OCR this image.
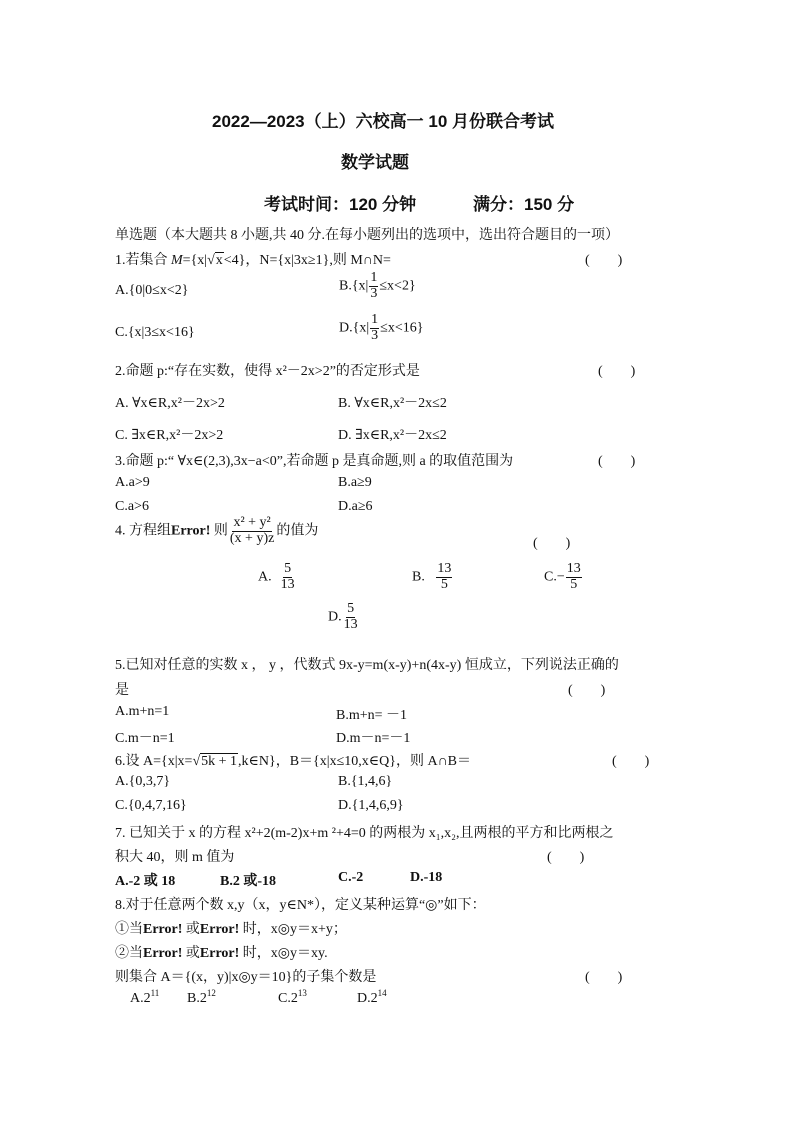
2022—2023（上）六校高一 10 月份联合考试
数学试题
考试时间：120 分钟	满分：150 分
单选题（本大题共 8 小题,共 40 分.在每小题列出的选项中，选出符合题目的一项）
1.若集合 M={x|√x<4}，N={x|3x≥1},则 M∩N=	(　　)
A.{0|0≤x<2}	$B.\{x| \frac{1}{3} \le x<2\}$
C.{x|3≤x<16}	$D.\{x| \frac{1}{3} \le x<16\}$
2.命题 p:“存在实数，使得 x²－2x>2”的否定形式是	(　　)
A. ∀x∈R,x²－2x>2	B. ∀x∈R,x²－2x≤2
C. ∃x∈R,x²－2x>2	D. ∃x∈R,x²－2x≤2
3.命题 p:“ ∀x∈(2,3),3x−a<0”,若命题 p 是真命题,则 a 的取值范围为	(　　)
A.a>9	B.a≥9
C.a>6	D.a≥6
4. 方程组Error! 则 $\frac{\text{x² + y²}}{(x + y)z}$ 的值为
(　　)
A. $\frac{5}{13}$	B. $\frac{13}{5}$	$C.- \frac{13}{5}$
D. $\frac{5}{13}$
5.已知对任意的实数 x ， y ，代数式 9x-y=m(x-y)+n(4x-y) 恒成立，下列说法正确的
是	(　　)
A.m+n=1	B.m+n= －1
C.m－n=1	D.m－n=－1
6.设 A={x|x=√5k + 1,k∈N}，B＝{x|x≤10,x∈Q}，则 A∩B＝	(　　)
A.{0,3,7}	B.{1,4,6}
C.{0,4,7,16}	D.{1,4,6,9}
7. 已知关于 x 的方程 x²+2(m-2)x+m ²+4=0 的两根为 x₁,x₂,且两根的平方和比两根之
积大 40，则 m 值为	(　　)
A.-2 或 18	B.2 或-18	C.-2	D.-18
8.对于任意两个数 x,y（x，y∈N*），定义某种运算“◎”如下：
①当Error! 或Error! 时，x◎y＝x+y；
②当Error! 或Error! 时，x◎y＝xy.
则集合 A＝{(x，y)|x◎y＝10}的子集个数是	(　　)
$A.2^{11}$ $B.2^{12}$	$C.2^{13}$	$D.2^{14}$
